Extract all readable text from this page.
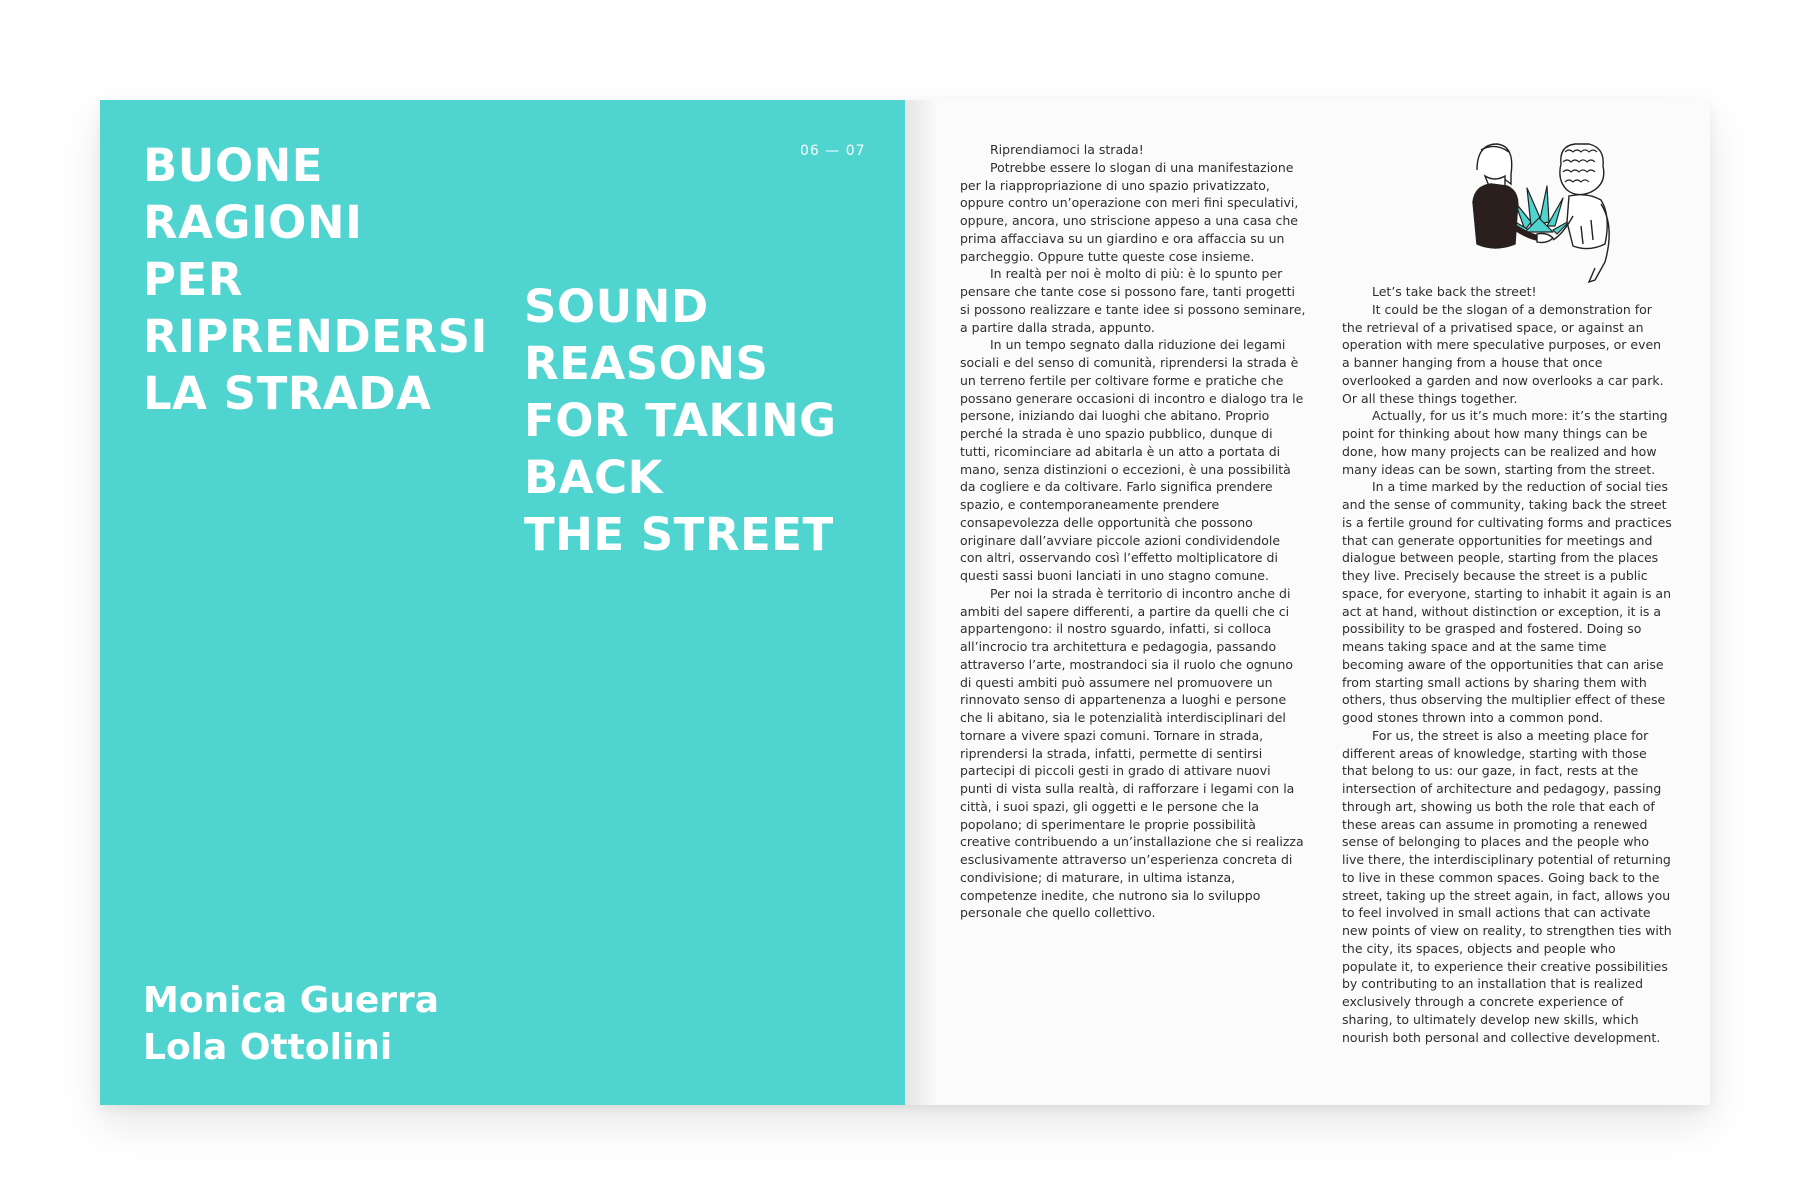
BUONE
RAGIONI
PER
RIPRENDERSI
LA STRADA
06 — 07
SOUND
REASONS
FOR TAKING
BACK
THE STREET
Monica Guerra
Lola Ottolini

Riprendiamoci la strada!

Potrebbe essere lo slogan di una manifestazione per la riappropriazione di uno spazio privatizzato, oppure contro un’operazione con meri fini speculativi, oppure, ancora, uno striscione appeso a una casa che prima affacciava su un giardino e ora affaccia su un parcheggio. Oppure tutte queste cose insieme.

In realtà per noi è molto di più: è lo spunto per pensare che tante cose si possono fare, tanti progetti si possono realizzare e tante idee si possono seminare, a partire dalla strada, appunto.

In un tempo segnato dalla riduzione dei legami sociali e del senso di comunità, riprendersi la strada è un terreno fertile per coltivare forme e pratiche che possano generare occasioni di incontro e dialogo tra le persone, iniziando dai luoghi che abitano. Proprio perché la strada è uno spazio pubblico, dunque di tutti, ricominciare ad abitarla è un atto a portata di mano, senza distinzioni o eccezioni, è una possibilità da cogliere e da coltivare. Farlo significa prendere spazio, e contemporaneamente prendere consapevolezza delle opportunità che possono originare dall’avviare piccole azioni condividendole con altri, osservando così l’effetto moltiplicatore di questi sassi buoni lanciati in uno stagno comune.

Per noi la strada è territorio di incontro anche di ambiti del sapere differenti, a partire da quelli che ci appartengono: il nostro sguardo, infatti, si colloca all’incrocio tra architettura e pedagogia, passando attraverso l’arte, mostrandoci sia il ruolo che ognuno di questi ambiti può assumere nel promuovere un rinnovato senso di appartenenza a luoghi e persone che li abitano, sia le potenzialità interdisciplinari del tornare a vivere spazi comuni. Tornare in strada, riprendersi la strada, infatti, permette di sentirsi partecipi di piccoli gesti in grado di attivare nuovi punti di vista sulla realtà, di rafforzare i legami con la città, i suoi spazi, gli oggetti e le persone che la popolano; di sperimentare le proprie possibilità creative contribuendo a un’installazione che si realizza esclusivamente attraverso un’esperienza concreta di condivisione; di maturare, in ultima istanza, competenze inedite, che nutrono sia lo sviluppo personale che quello collettivo.

Let’s take back the street!

It could be the slogan of a demonstration for the retrieval of a privatised space, or against an operation with mere speculative purposes, or even a banner hanging from a house that once overlooked a garden and now overlooks a car park. Or all these things together.

Actually, for us it’s much more: it’s the starting point for thinking about how many things can be done, how many projects can be realized and how many ideas can be sown, starting from the street.

In a time marked by the reduction of social ties and the sense of community, taking back the street is a fertile ground for cultivating forms and practices that can generate opportunities for meetings and dialogue between people, starting from the places they live. Precisely because the street is a public space, for everyone, starting to inhabit it again is an act at hand, without distinction or exception, it is a possibility to be grasped and fostered. Doing so means taking space and at the same time becoming aware of the opportunities that can arise from starting small actions by sharing them with others, thus observing the multiplier effect of these good stones thrown into a common pond.

For us, the street is also a meeting place for different areas of knowledge, starting with those that belong to us: our gaze, in fact, rests at the intersection of architecture and pedagogy, passing through art, showing us both the role that each of these areas can assume in promoting a renewed sense of belonging to places and the people who live there, the interdisciplinary potential of returning to live in these common spaces. Going back to the street, taking up the street again, in fact, allows you to feel involved in small actions that can activate new points of view on reality, to strengthen ties with the city, its spaces, objects and people who populate it, to experience their creative possibilities by contributing to an installation that is realized exclusively through a concrete experience of sharing, to ultimately develop new skills, which nourish both personal and collective development.
